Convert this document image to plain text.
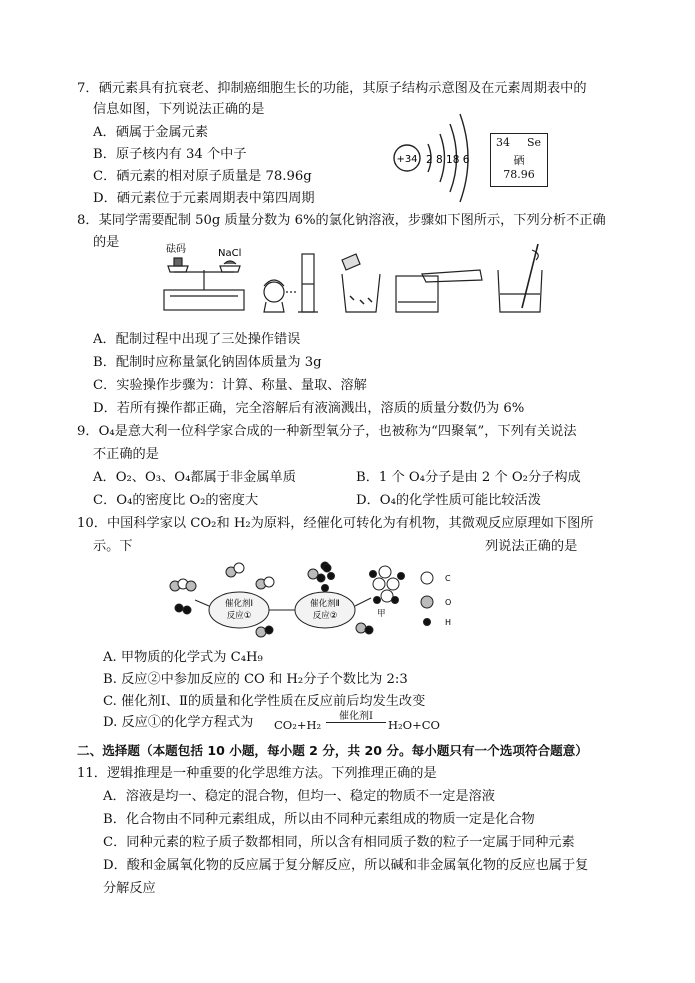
7．硒元素具有抗衰老、抑制癌细胞生长的功能，其原子结构示意图及在元素周期表中的
信息如图，下列说法正确的是
A．硒属于金属元素
B．原子核内有 34 个中子
C．硒元素的相对原子质量是 78.96g
D．硒元素位于元素周期表中第四周期
+34 2 8 18 6
34 Se
硒
78.96
8．某同学需要配制 50g 质量分数为 6%的氯化钠溶液，步骤如下图所示，下列分析不正确
的是	砝码	NaCl
A．配制过程中出现了三处操作错误
B．配制时应称量氯化钠固体质量为 3g
C．实验操作步骤为：计算、称量、量取、溶解
D．若所有操作都正确，完全溶解后有液滴溅出，溶质的质量分数仍为 6%
9．O₄是意大利一位科学家合成的一种新型氧分子，也被称为“四聚氧”，下列有关说法
不正确的是
A．O₂、O₃、O₄都属于非金属单质	B．1 个 O₄分子是由 2 个 O₂分子构成
C．O₄的密度比 O₂的密度大	D．O₄的化学性质可能比较活泼
10．中国科学家以 CO₂和 H₂为原料，经催化可转化为有机物，其微观反应原理如下图所
示。下	列说法正确的是
催化剂Ⅰ
反应①
催化剂Ⅱ
反应②	甲
C
O
H
A. 甲物质的化学式为 C₄H₉
B. 反应②中参加反应的 CO 和 H₂分子个数比为 2:3
C. 催化剂Ⅰ、Ⅱ的质量和化学性质在反应前后均发生改变
D. 反应①的化学方程式为 CO₂+H₂
催化剂Ⅰ
H₂O+CO
二、选择题（本题包括 10 小题，每小题 2 分，共 20 分。每小题只有一个选项符合题意）
11．逻辑推理是一种重要的化学思维方法。下列推理正确的是
A．溶液是均一、稳定的混合物，但均一、稳定的物质不一定是溶液
B．化合物由不同种元素组成，所以由不同种元素组成的物质一定是化合物
C．同种元素的粒子质子数都相同，所以含有相同质子数的粒子一定属于同种元素
D．酸和金属氧化物的反应属于复分解反应，所以碱和非金属氧化物的反应也属于复
分解反应
